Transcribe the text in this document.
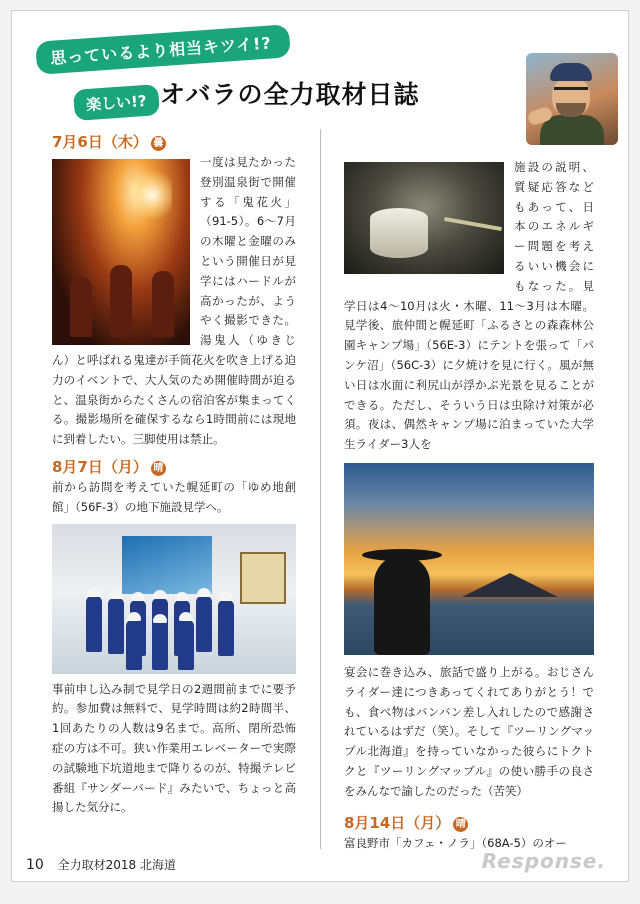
思っているより相当キツイ!?
楽しい!? オバラの全力取材日誌
7月6日（木） 曇

一度は見たかった登別温泉街で開催する「鬼花火」（91-5）。6～7月の木曜と金曜のみという開催日が見学にはハードルが高かったが、ようやく撮影できた。湯鬼人（ゆきじん）と呼ばれる鬼達が手筒花火を吹き上げる迫力のイベントで、大人気のため開催時間が迫ると、温泉街からたくさんの宿泊客が集まってくる。撮影場所を確保するなら1時間前には現地に到着したい。三脚使用は禁止。

8月7日（月） 晴

前から訪問を考えていた幌延町の「ゆめ地創館」（56F-3）の地下施設見学へ。

事前申し込み制で見学日の2週間前までに要予約。参加費は無料で、見学時間は約2時間半、1回あたりの人数は9名まで。高所、閉所恐怖症の方は不可。狭い作業用エレベーターで実際の試験地下坑道地まで降りるのが、特撮テレビ番組『サンダーバード』みたいで、ちょっと高揚した気分に。

施設の説明、質疑応答などもあって、日本のエネルギー問題を考えるいい機会にもなった。見学日は4～10月は火・木曜、11～3月は木曜。見学後、旅仲間と幌延町「ふるさとの森森林公園キャンプ場」（56E-3）にテントを張って「パンケ沼」（56C-3）に夕焼けを見に行く。風が無い日は水面に利尻山が浮かぶ光景を見ることができる。ただし、そういう日は虫除け対策が必須。夜は、偶然キャンプ場に泊まっていた大学生ライダー3人を

宴会に巻き込み、旅話で盛り上がる。おじさんライダー達につきあってくれてありがとう！でも、食べ物はバンバン差し入れしたので感謝されているはずだ（笑）。そして『ツーリングマップル北海道』を持っていなかった彼らにトクトクと『ツーリングマップル』の使い勝手の良さをみんなで諭したのだった（苦笑）

8月14日（月） 晴

富良野市「カフェ・ノラ」（68A-5）のオー

10 全力取材2018 北海道	Response.
